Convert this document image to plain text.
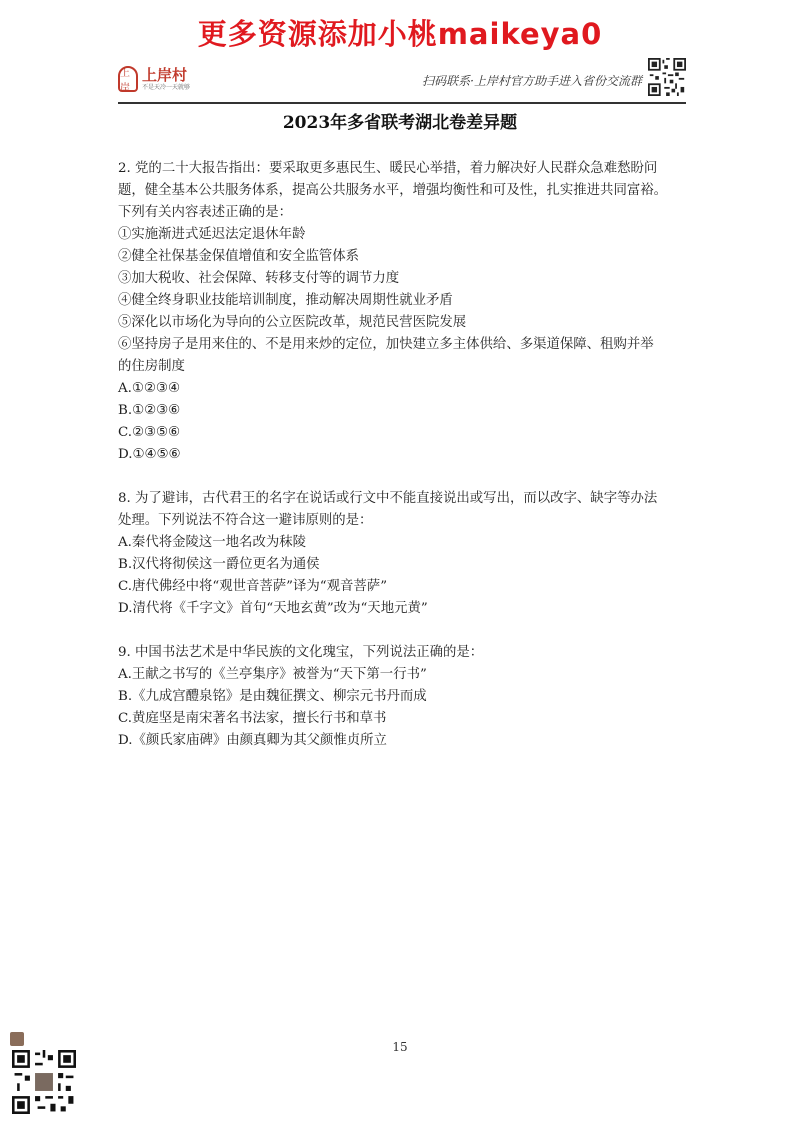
更多资源添加小桃maikeya0
上岸
上岸村
不是天冷一天就够	扫码联系·上岸村官方助手进入省份交流群
2023年多省联考湖北卷差异题

2. 党的二十大报告指出：要采取更多惠民生、暖民心举措，着力解决好人民群众急难愁盼问

题，健全基本公共服务体系，提高公共服务水平，增强均衡性和可及性，扎实推进共同富裕。

下列有关内容表述正确的是：

①实施渐进式延迟法定退休年龄

②健全社保基金保值增值和安全监管体系

③加大税收、社会保障、转移支付等的调节力度

④健全终身职业技能培训制度，推动解决周期性就业矛盾

⑤深化以市场化为导向的公立医院改革，规范民营医院发展

⑥坚持房子是用来住的、不是用来炒的定位，加快建立多主体供给、多渠道保障、租购并举

的住房制度

A.①②③④

B.①②③⑥

C.②③⑤⑥

D.①④⑤⑥

8. 为了避讳，古代君王的名字在说话或行文中不能直接说出或写出，而以改字、缺字等办法

处理。下列说法不符合这一避讳原则的是：

A.秦代将金陵这一地名改为秣陵

B.汉代将彻侯这一爵位更名为通侯

C.唐代佛经中将“观世音菩萨”译为“观音菩萨”

D.清代将《千字文》首句“天地玄黄”改为“天地元黄”

9. 中国书法艺术是中华民族的文化瑰宝，下列说法正确的是：

A.王献之书写的《兰亭集序》被誉为“天下第一行书”

B.《九成宫醴泉铭》是由魏征撰文、柳宗元书丹而成

C.黄庭坚是南宋著名书法家，擅长行书和草书

D.《颜氏家庙碑》由颜真卿为其父颜惟贞所立

15
